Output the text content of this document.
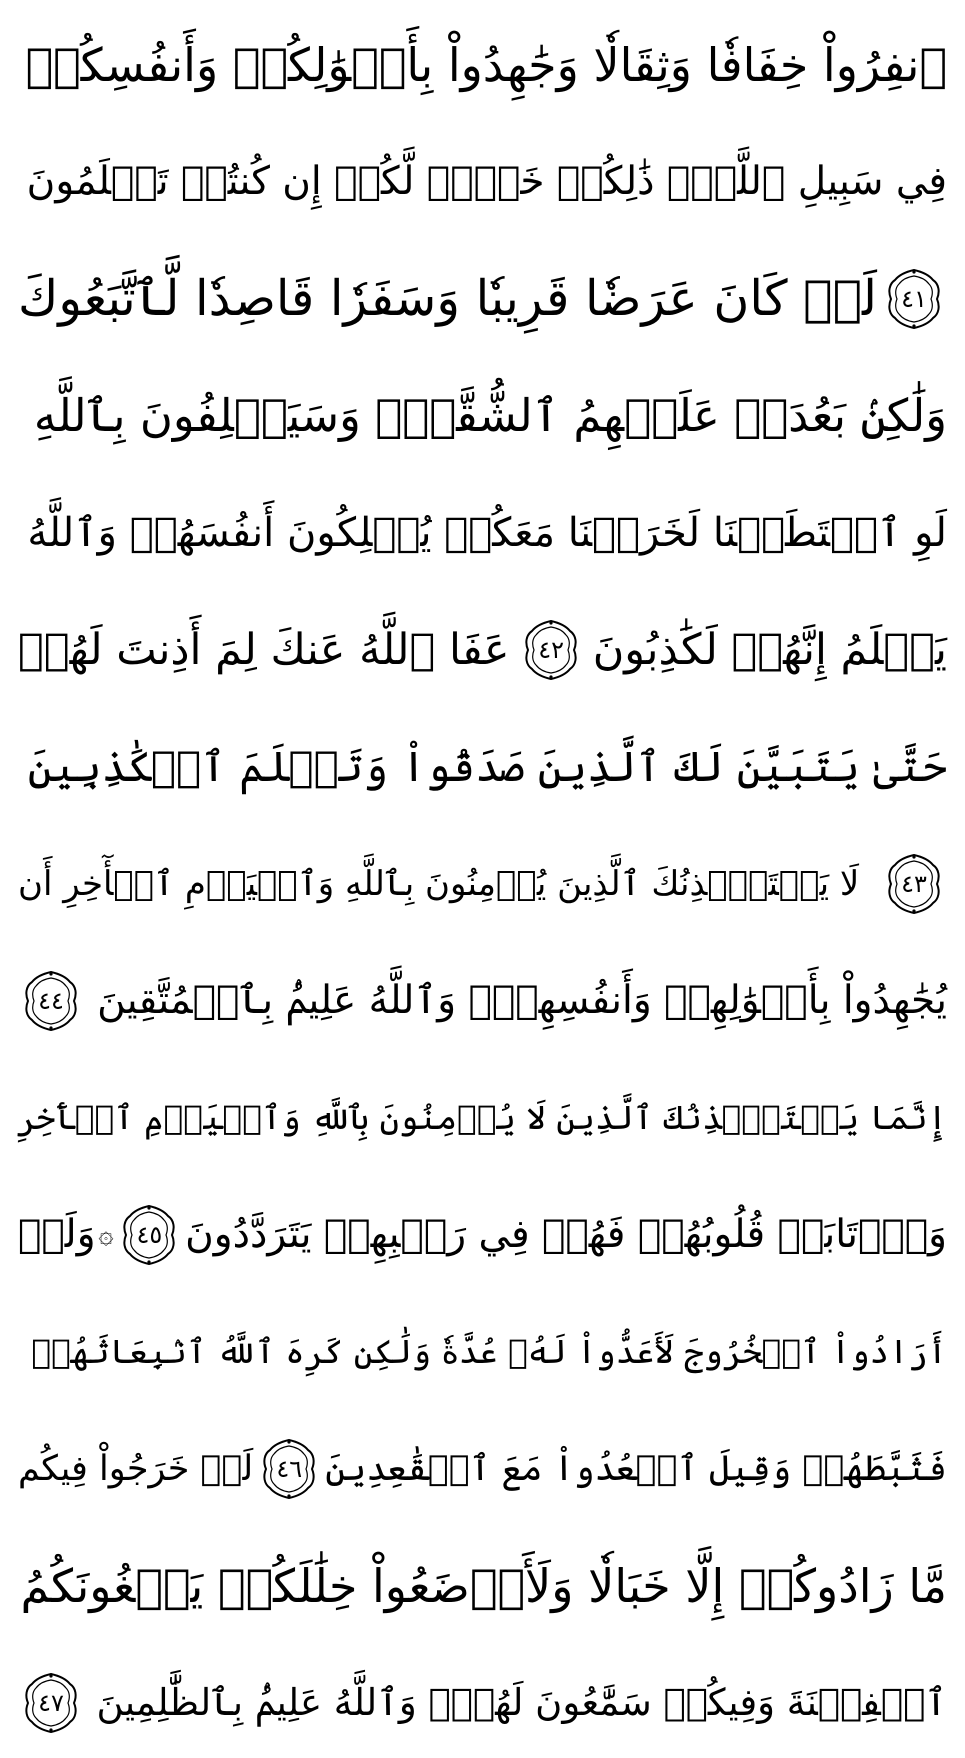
ٱنفِرُواْ خِفَافٗا وَثِقَالٗا وَجَٰهِدُواْ بِأَمۡوَٰلِكُمۡ وَأَنفُسِكُمۡ
فِي سَبِيلِ ٱللَّهِۚ ذَٰلِكُمۡ خَيۡرٞ لَّكُمۡ إِن كُنتُمۡ تَعۡلَمُونَ
٤١
لَوۡ كَانَ عَرَضٗا قَرِيبٗا وَسَفَرٗا قَاصِدٗا لَّٱتَّبَعُوكَ
وَلَٰكِنۢ بَعُدَتۡ عَلَيۡهِمُ ٱلشُّقَّةُۚ وَسَيَحۡلِفُونَ بِٱللَّهِ
لَوِ ٱسۡتَطَعۡنَا لَخَرَجۡنَا مَعَكُمۡ يُهۡلِكُونَ أَنفُسَهُمۡ وَٱللَّهُ
يَعۡلَمُ إِنَّهُمۡ لَكَٰذِبُونَ
٤٢
عَفَا ٱللَّهُ عَنكَ لِمَ أَذِنتَ لَهُمۡ
حَتَّىٰ يَتَبَيَّنَ لَكَ ٱلَّذِينَ صَدَقُواْ وَتَعۡلَمَ ٱلۡكَٰذِبِينَ
٤٣
لَا يَسۡتَـٔۡذِنُكَ ٱلَّذِينَ يُؤۡمِنُونَ بِٱللَّهِ وَٱلۡيَوۡمِ ٱلۡأٓخِرِ أَن
يُجَٰهِدُواْ بِأَمۡوَٰلِهِمۡ وَأَنفُسِهِمۡۗ وَٱللَّهُ عَلِيمُۢ بِٱلۡمُتَّقِينَ
٤٤
إِنَّمَا يَسۡتَـٔۡذِنُكَ ٱلَّذِينَ لَا يُؤۡمِنُونَ بِٱللَّهِ وَٱلۡيَوۡمِ ٱلۡأٓخِرِ
وَٱرۡتَابَتۡ قُلُوبُهُمۡ فَهُمۡ فِي رَيۡبِهِمۡ يَتَرَدَّدُونَ
٤٥
۞
وَلَوۡ
أَرَادُواْ ٱلۡخُرُوجَ لَأَعَدُّواْ لَهُۥ عُدَّةٗ وَلَٰكِن كَرِهَ ٱللَّهُ ٱنۢبِعَاثَهُمۡ
فَثَبَّطَهُمۡ وَقِيلَ ٱقۡعُدُواْ مَعَ ٱلۡقَٰعِدِينَ
٤٦
لَوۡ خَرَجُواْ فِيكُم
مَّا زَادُوكُمۡ إِلَّا خَبَالٗا وَلَأَوۡضَعُواْ خِلَٰلَكُمۡ يَبۡغُونَكُمُ
ٱلۡفِتۡنَةَ وَفِيكُمۡ سَمَّٰعُونَ لَهُمۡۗ وَٱللَّهُ عَلِيمُۢ بِٱلظَّٰلِمِينَ
٤٧
